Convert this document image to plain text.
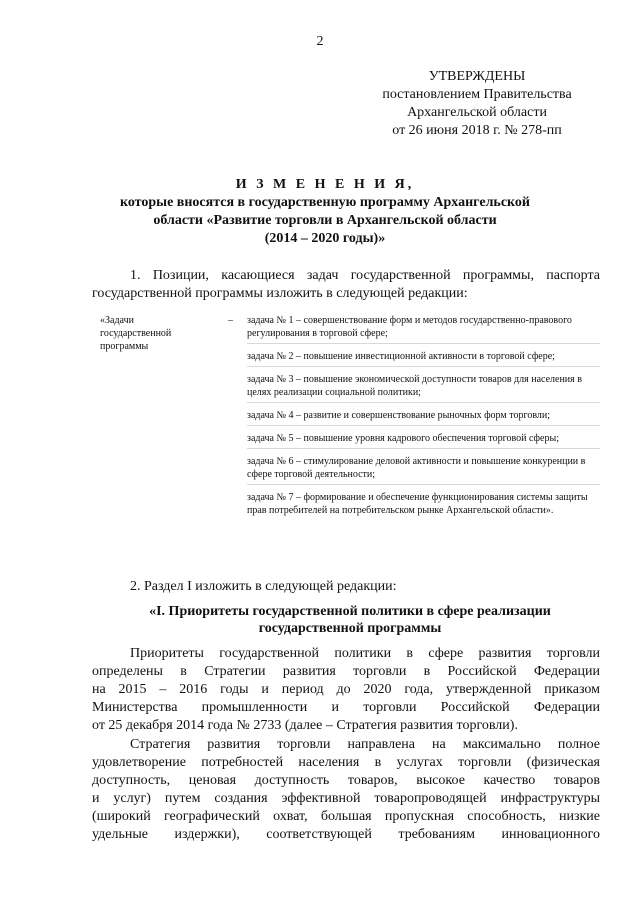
2
УТВЕРЖДЕНЫ
постановлением Правительства
Архангельской области
от 26 июня 2018 г. № 278-пп
И З М Е Н Е Н И Я,
которые вносятся в государственную программу Архангельской
области «Развитие торговли в Архангельской области
(2014 – 2020 годы)»
1. Позиции, касающиеся задач государственной программы, паспорта
государственной программы изложить в следующей редакции:
«Задачи
государственной
программы
– задача № 1 – совершенствование форм и методов государственно-правового регулирования в торговой сфере;
задача № 2 – повышение инвестиционной активности в торговой сфере;
задача № 3 – повышение экономической доступности товаров для населения в целях реализации социальной политики;
задача № 4 – развитие и совершенствование рыночных форм торговли;
задача № 5 – повышение уровня кадрового обеспечения торговой сферы;
задача № 6 – стимулирование деловой активности и повышение конкуренции в сфере торговой деятельности;
задача № 7 – формирование и обеспечение функционирования системы защиты прав потребителей на потребительском рынке Архангельской области».
2. Раздел I изложить в следующей редакции:
«I. Приоритеты государственной политики в сфере реализации
государственной программы
Приоритеты государственной политики в сфере развития торговли
определены в Стратегии развития торговли в Российской Федерации
на 2015 – 2016 годы и период до 2020 года, утвержденной приказом
Министерства промышленности и торговли Российской Федерации
от 25 декабря 2014 года № 2733 (далее – Стратегия развития торговли).
Стратегия развития торговли направлена на максимально полное
удовлетворение потребностей населения в услугах торговли (физическая
доступность, ценовая доступность товаров, высокое качество товаров
и услуг) путем создания эффективной товаропроводящей инфраструктуры
(широкий географический охват, большая пропускная способность, низкие
удельные издержки), соответствующей требованиям инновационного
